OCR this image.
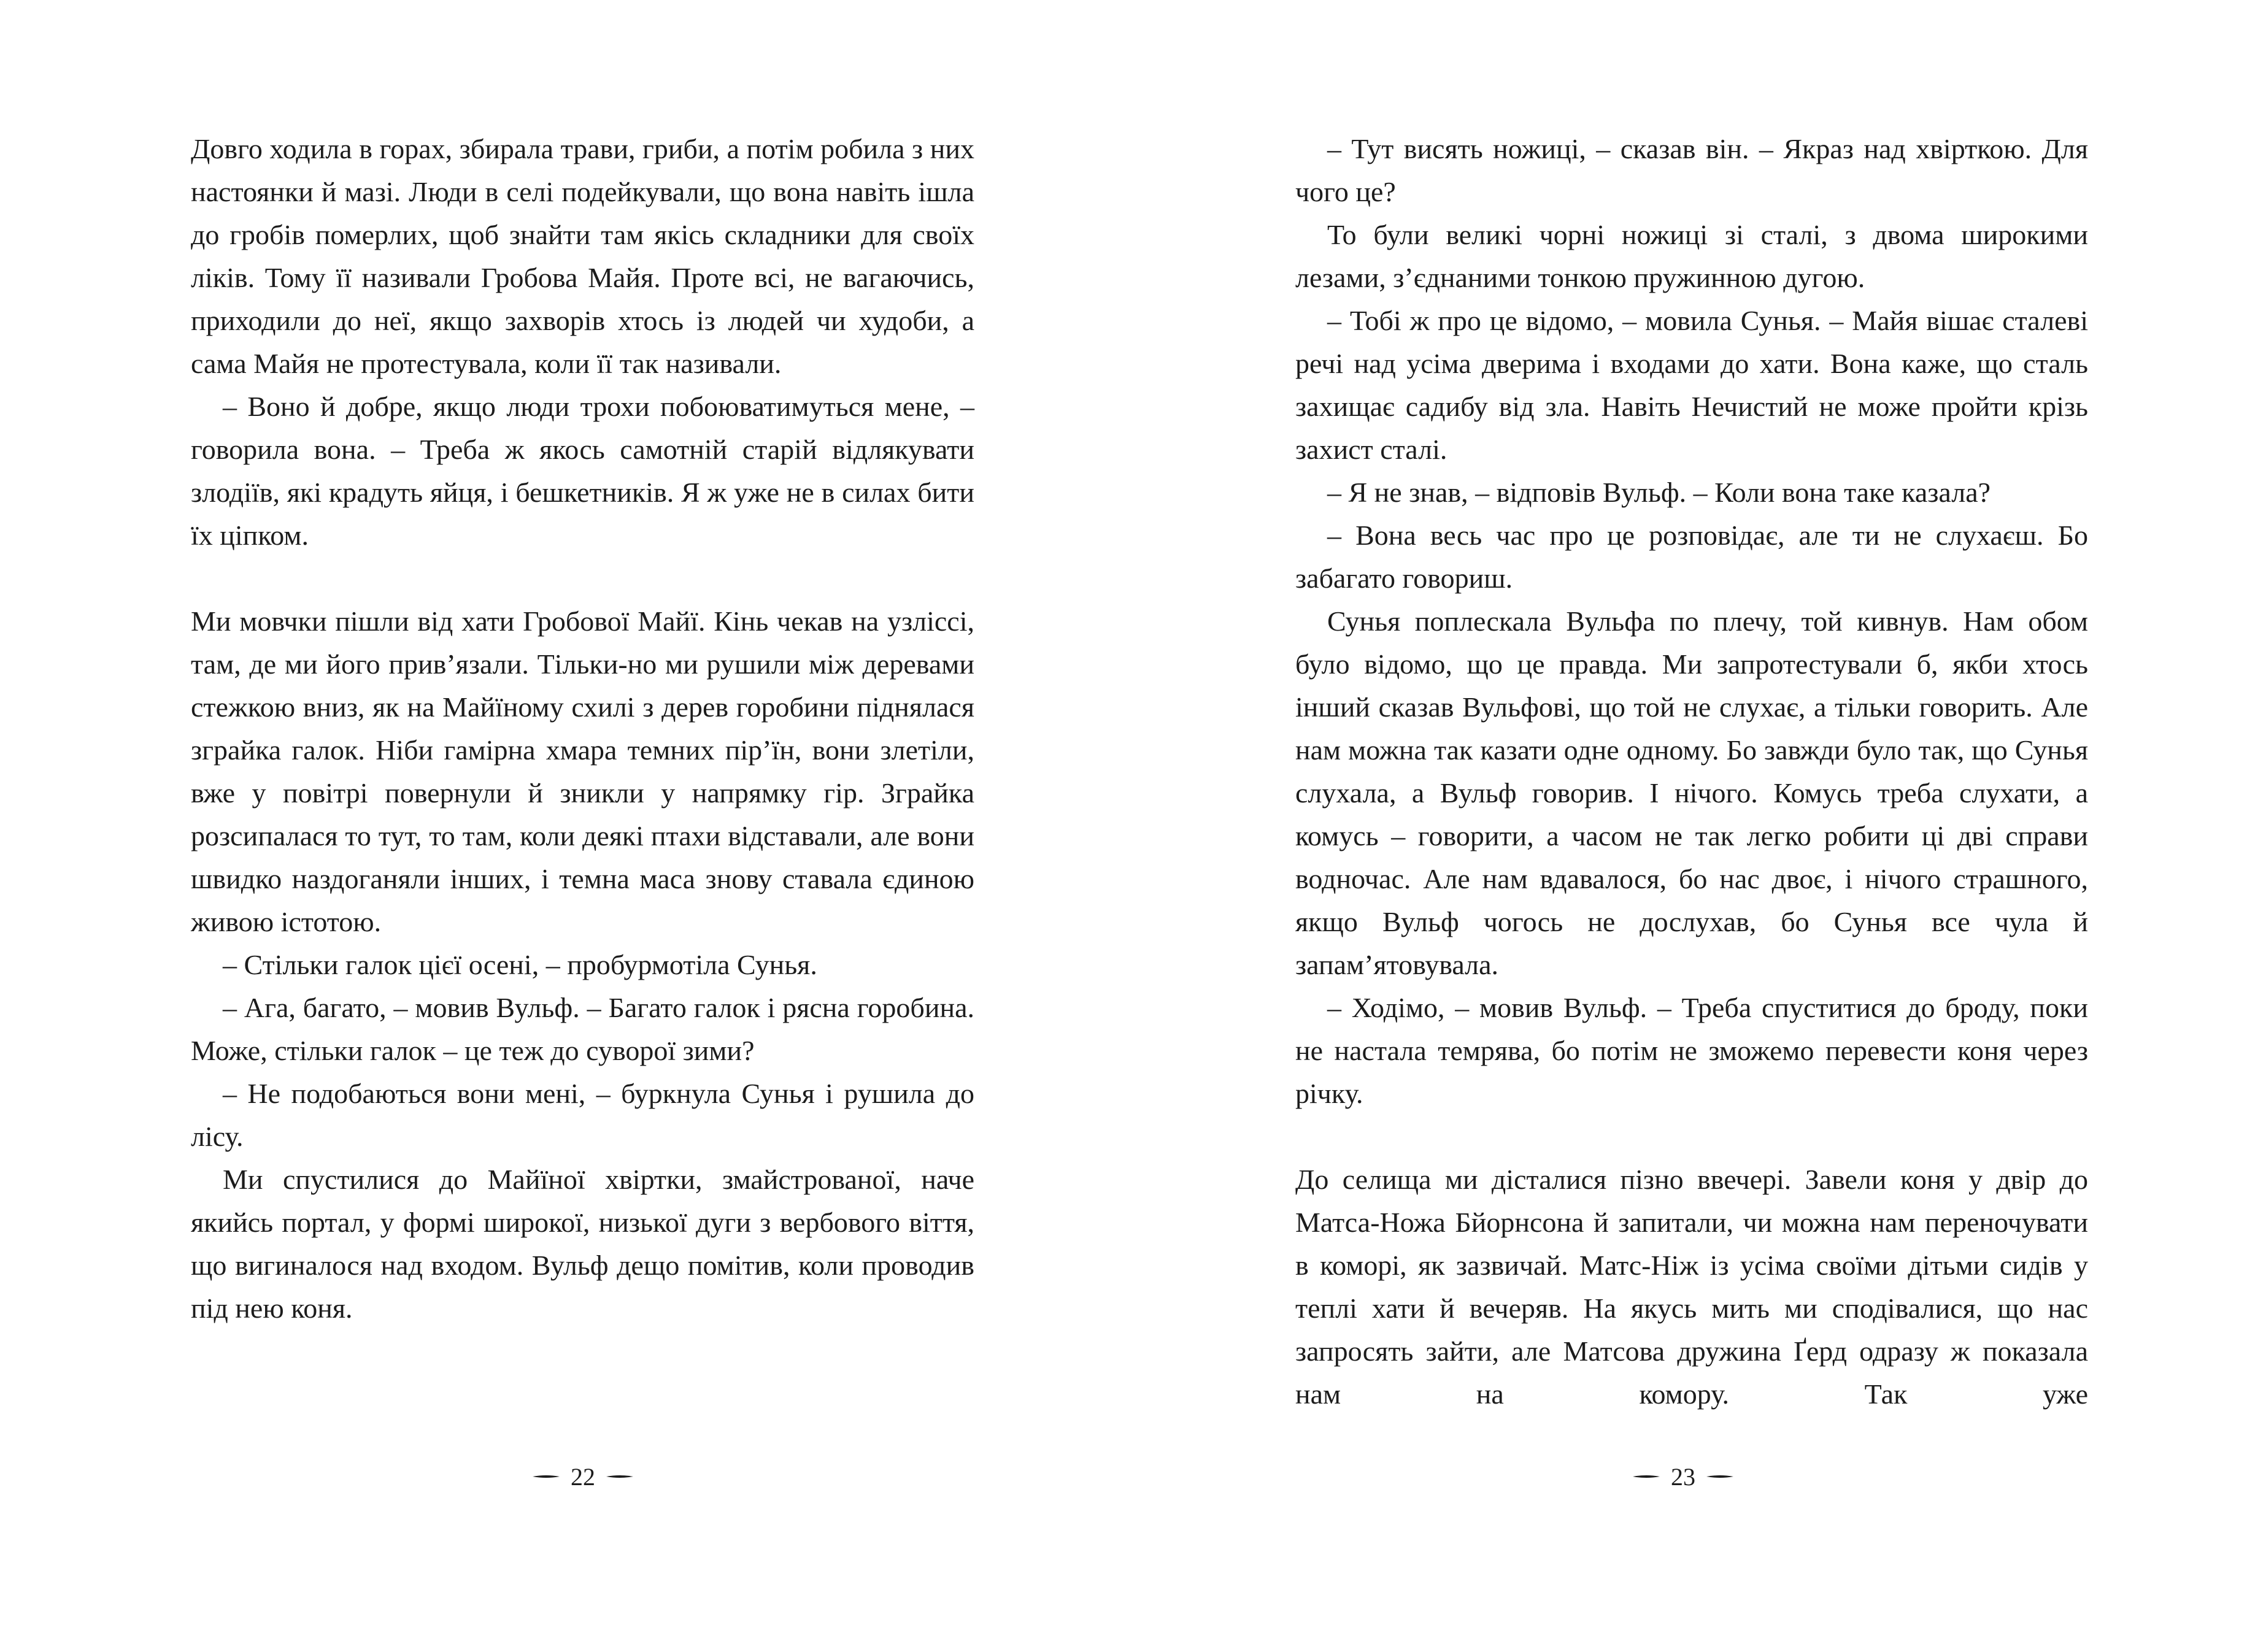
Довго ходила в горах, збирала трави, гриби, а потім робила з них настоянки й мазі. Люди в селі подейкували, що вона навіть ішла до гробів померлих, щоб знайти там якісь складники для своїх ліків. Тому її називали Гробова Майя. Проте всі, не вагаючись, приходили до неї, якщо захворів хтось із людей чи худоби, а сама Майя не протестувала, коли її так називали.

– Воно й добре, якщо люди трохи побоюватимуться мене, – говорила вона. – Треба ж якось самотній старій відлякувати злодіїв, які крадуть яйця, і бешкетників. Я ж уже не в силах бити їх ціпком.

Ми мовчки пішли від хати Гробової Майї. Кінь чекав на узліссі, там, де ми його прив’язали. Тільки-но ми рушили між деревами стежкою вниз, як на Майїному схилі з дерев горобини піднялася зграйка галок. Ніби гамірна хмара темних пір’їн, вони злетіли, вже у повітрі повернули й зникли у напрямку гір. Зграйка розсипалася то тут, то там, коли деякі птахи відставали, але вони швидко наздоганяли інших, і темна маса знову ставала єдиною живою істотою.

– Стільки галок цієї осені, – пробурмотіла Сунья.

– Ага, багато, – мовив Вульф. – Багато галок і рясна горобина. Може, стільки галок – це теж до суворої зими?

– Не подобаються вони мені, – буркнула Сунья і рушила до лісу.

Ми спустилися до Майїної хвіртки, змайстрованої, наче якийсь портал, у формі широкої, низької дуги з вербового віття, що вигиналося над входом. Вульф дещо помітив, коли проводив під нею коня.

22

– Тут висять ножиці, – сказав він. – Якраз над хвірткою. Для чого це?

То були великі чорні ножиці зі сталі, з двома широкими лезами, з’єднаними тонкою пружинною дугою.

– Тобі ж про це відомо, – мовила Сунья. – Майя вішає сталеві речі над усіма дверима і входами до хати. Вона каже, що сталь захищає садибу від зла. Навіть Нечистий не може пройти крізь захист сталі.

– Я не знав, – відповів Вульф. – Коли вона таке казала?

– Вона весь час про це розповідає, але ти не слухаєш. Бо забагато говориш.

Сунья поплескала Вульфа по плечу, той кивнув. Нам обом було відомо, що це правда. Ми запротестували б, якби хтось інший сказав Вульфові, що той не слухає, а тільки говорить. Але нам можна так казати одне одному. Бо завжди було так, що Сунья слухала, а Вульф говорив. І нічого. Комусь треба слухати, а комусь – говорити, а часом не так легко робити ці дві справи водночас. Але нам вдавалося, бо нас двоє, і нічого страшного, якщо Вульф чогось не дослухав, бо Сунья все чула й запам’ятовувала.

– Ходімо, – мовив Вульф. – Треба спуститися до броду, поки не настала темрява, бо потім не зможемо перевести коня через річку.

До селища ми дісталися пізно ввечері. Завели коня у двір до Матса-Ножа Бйорнсона й запитали, чи можна нам переночувати в коморі, як зазвичай. Матс-Ніж із усіма своїми дітьми сидів у теплі хати й вечеряв. На якусь мить ми сподівалися, що нас запросять зайти, але Матсова дружина Ґерд одразу ж показала нам на комору. Так уже

23
